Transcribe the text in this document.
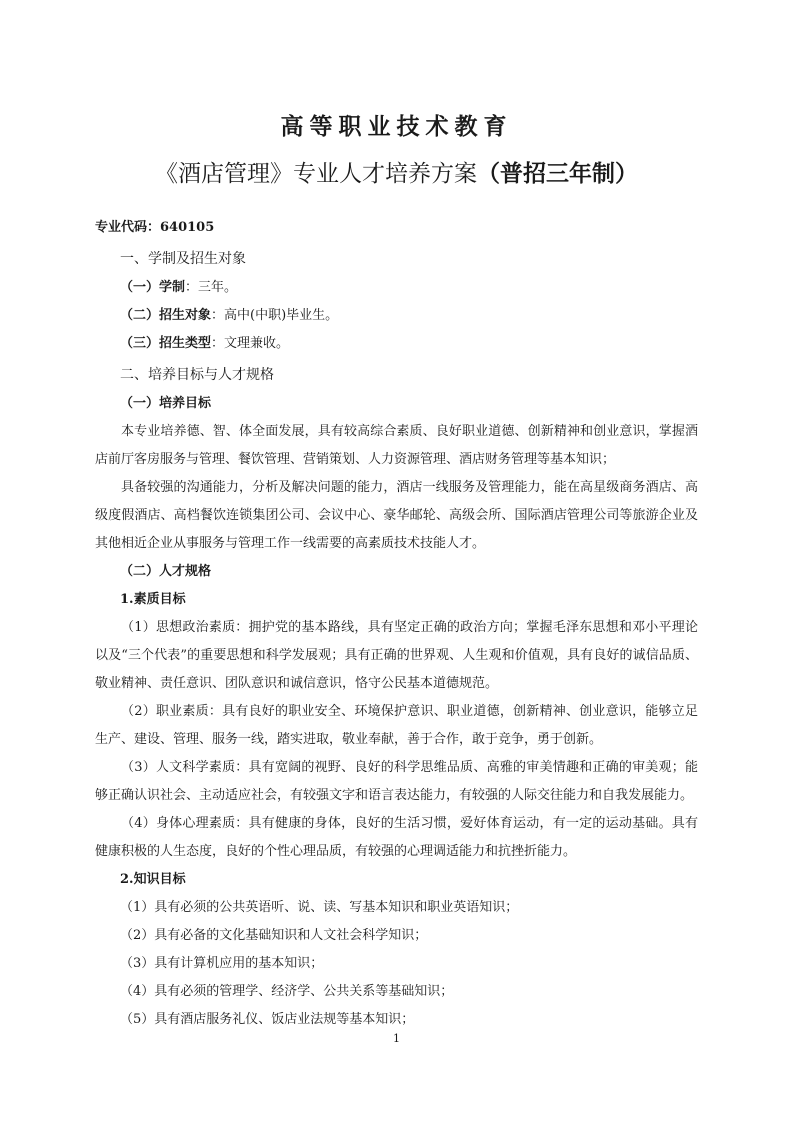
高等职业技术教育
《酒店管理》专业人才培养方案（普招三年制）

专业代码：640105

一、学制及招生对象

（一）学制：三年。

（二）招生对象：高中(中职)毕业生。

（三）招生类型：文理兼收。

二、培养目标与人才规格

（一）培养目标

本专业培养德、智、体全面发展，具有较高综合素质、良好职业道德、创新精神和创业意识，掌握酒店前厅客房服务与管理、餐饮管理、营销策划、人力资源管理、酒店财务管理等基本知识；

具备较强的沟通能力，分析及解决问题的能力，酒店一线服务及管理能力，能在高星级商务酒店、高级度假酒店、高档餐饮连锁集团公司、会议中心、豪华邮轮、高级会所、国际酒店管理公司等旅游企业及其他相近企业从事服务与管理工作一线需要的高素质技术技能人才。

（二）人才规格

1.素质目标

（1）思想政治素质：拥护党的基本路线，具有坚定正确的政治方向；掌握毛泽东思想和邓小平理论以及“三个代表”的重要思想和科学发展观；具有正确的世界观、人生观和价值观，具有良好的诚信品质、敬业精神、责任意识、团队意识和诚信意识，恪守公民基本道德规范。

（2）职业素质：具有良好的职业安全、环境保护意识、职业道德，创新精神、创业意识，能够立足生产、建设、管理、服务一线，踏实进取，敬业奉献，善于合作，敢于竞争，勇于创新。

（3）人文科学素质：具有宽阔的视野、良好的科学思维品质、高雅的审美情趣和正确的审美观；能够正确认识社会、主动适应社会，有较强文字和语言表达能力，有较强的人际交往能力和自我发展能力。

（4）身体心理素质：具有健康的身体，良好的生活习惯，爱好体育运动，有一定的运动基础。具有健康积极的人生态度，良好的个性心理品质，有较强的心理调适能力和抗挫折能力。

2.知识目标

（1）具有必须的公共英语听、说、读、写基本知识和职业英语知识；

（2）具有必备的文化基础知识和人文社会科学知识；

（3）具有计算机应用的基本知识；

（4）具有必须的管理学、经济学、公共关系等基础知识；

（5）具有酒店服务礼仪、饭店业法规等基本知识；

1
